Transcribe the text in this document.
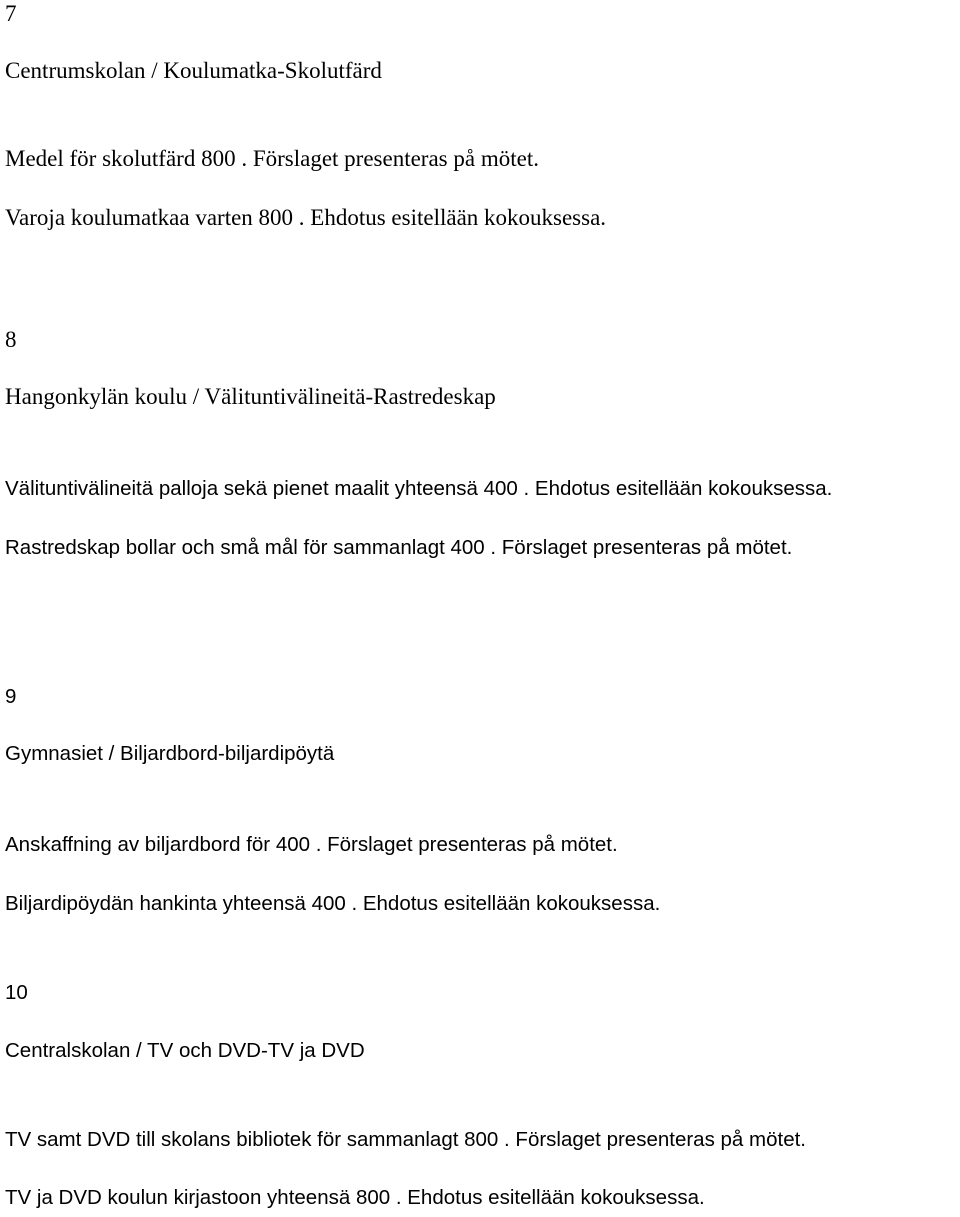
7

Centrumskolan / Koulumatka-Skolutfärd

Medel för skolutfärd 800 . Förslaget presenteras på mötet.

Varoja koulumatkaa varten 800 . Ehdotus esitellään kokouksessa.

8

Hangonkylän koulu / Välituntivälineitä-Rastredeskap

Välituntivälineitä palloja sekä pienet maalit yhteensä 400 . Ehdotus esitellään kokouksessa.

Rastredskap bollar och små mål för sammanlagt 400 . Förslaget presenteras på mötet.

9

Gymnasiet / Biljardbord-biljardipöytä

Anskaffning av biljardbord för 400 . Förslaget presenteras på mötet.

Biljardipöydän hankinta yhteensä 400 . Ehdotus esitellään kokouksessa.

10

Centralskolan / TV och DVD-TV ja DVD

TV samt DVD till skolans bibliotek för sammanlagt 800 . Förslaget presenteras på mötet.

TV ja DVD koulun kirjastoon yhteensä 800 . Ehdotus esitellään kokouksessa.
